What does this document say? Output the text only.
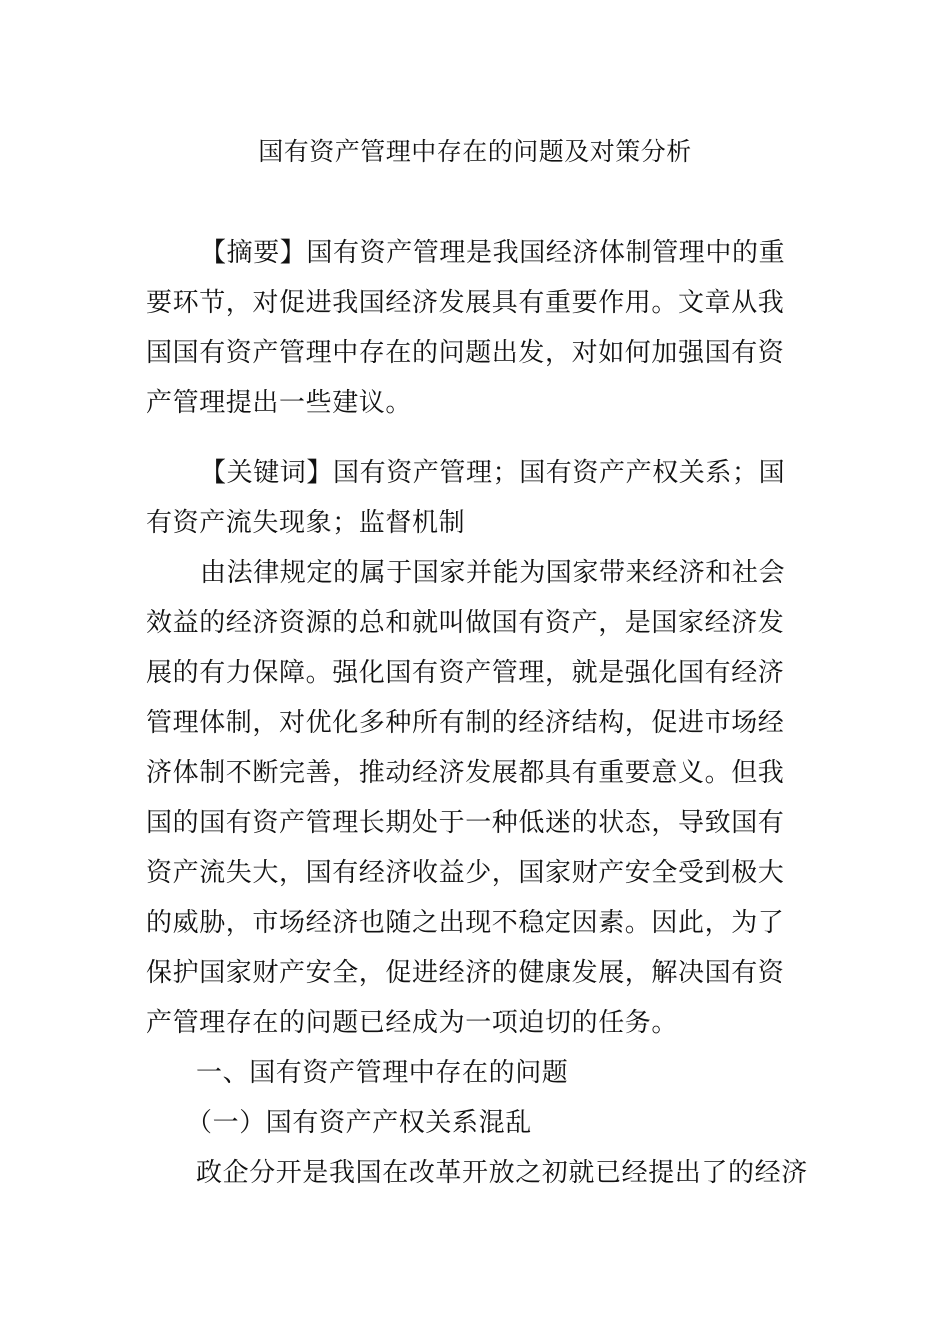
国有资产管理中存在的问题及对策分析
【摘要】国有资产管理是我国经济体制管理中的重要环节，对促进我国经济发展具有重要作用。文章从我国国有资产管理中存在的问题出发，对如何加强国有资产管理提出一些建议。
【关键词】国有资产管理；国有资产产权关系；国有资产流失现象；监督机制
由法律规定的属于国家并能为国家带来经济和社会效益的经济资源的总和就叫做国有资产，是国家经济发展的有力保障。强化国有资产管理，就是强化国有经济管理体制，对优化多种所有制的经济结构，促进市场经济体制不断完善，推动经济发展都具有重要意义。但我国的国有资产管理长期处于一种低迷的状态，导致国有资产流失大，国有经济收益少，国家财产安全受到极大的威胁，市场经济也随之出现不稳定因素。因此，为了保护国家财产安全，促进经济的健康发展，解决国有资产管理存在的问题已经成为一项迫切的任务。
一、国有资产管理中存在的问题
（一）国有资产产权关系混乱
政企分开是我国在改革开放之初就已经提出了的经济
